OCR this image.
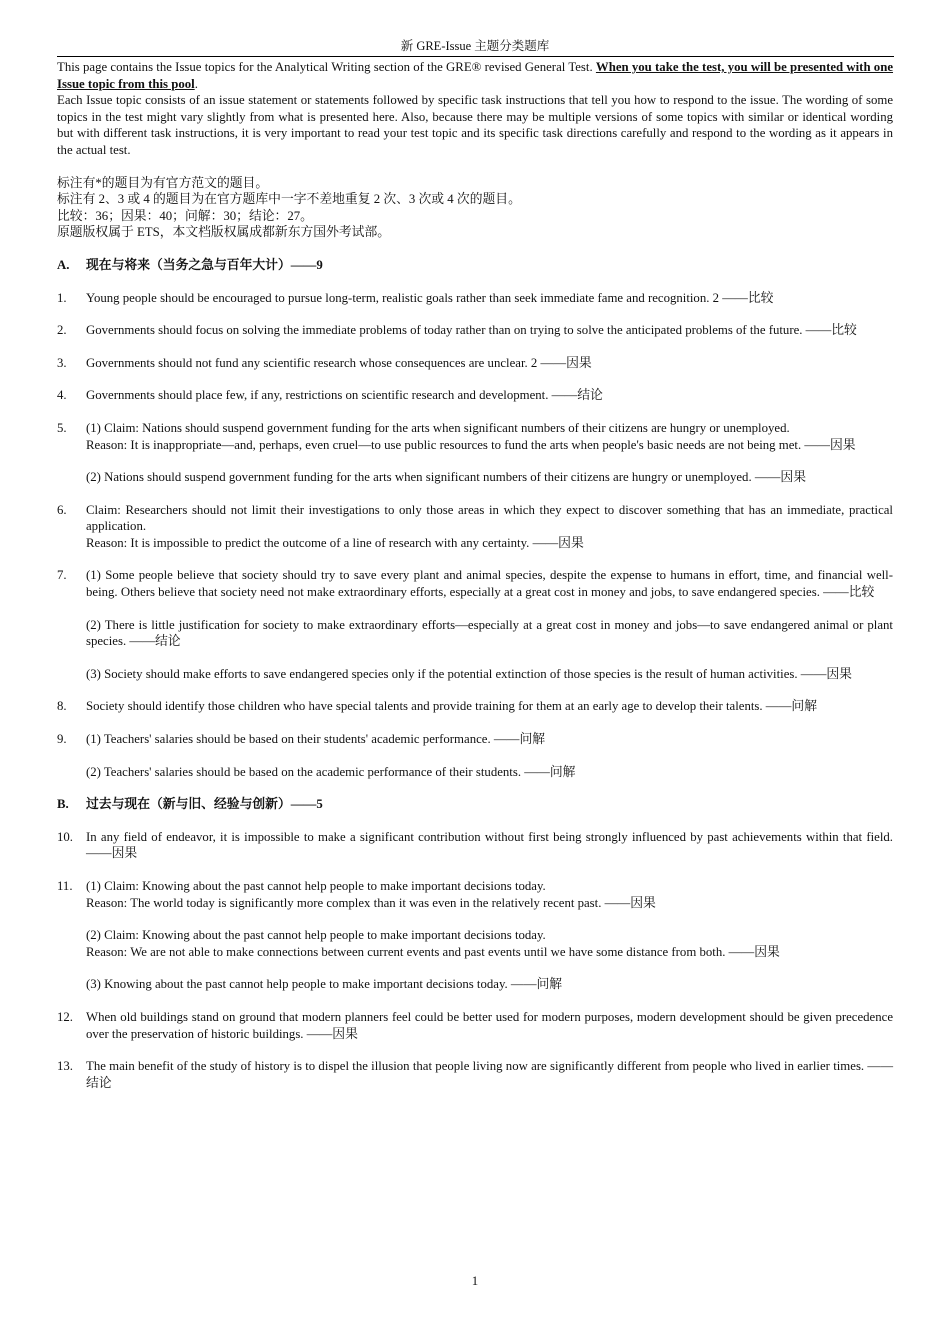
新 GRE-Issue 主题分类题库

This page contains the Issue topics for the Analytical Writing section of the GRE® revised General Test. When you take the test, you will be presented with one Issue topic from this pool.

Each Issue topic consists of an issue statement or statements followed by specific task instructions that tell you how to respond to the issue. The wording of some topics in the test might vary slightly from what is presented here. Also, because there may be multiple versions of some topics with similar or identical wording but with different task instructions, it is very important to read your test topic and its specific task directions carefully and respond to the wording as it appears in the actual test.

标注有*的题目为有官方范文的题目。
标注有 2、3 或 4 的题目为在官方题库中一字不差地重复 2 次、3 次或 4 次的题目。
比较：36；因果：40；问解：30；结论：27。
原题版权属于 ETS，本文档版权属成都新东方国外考试部。
A.	现在与将来（当务之急与百年大计）——9
1.	Young people should be encouraged to pursue long-term, realistic goals rather than seek immediate fame and recognition. 2 ——比较

2.	Governments should focus on solving the immediate problems of today rather than on trying to solve the anticipated problems of the future. ——比较

3.	Governments should not fund any scientific research whose consequences are unclear. 2 ——因果

4.	Governments should place few, if any, restrictions on scientific research and development. ——结论

5.	(1) Claim: Nations should suspend government funding for the arts when significant numbers of their citizens are hungry or unemployed.

Reason: It is inappropriate—and, perhaps, even cruel—to use public resources to fund the arts when people's basic needs are not being met. ——因果

(2) Nations should suspend government funding for the arts when significant numbers of their citizens are hungry or unemployed. ——因果

6.	Claim: Researchers should not limit their investigations to only those areas in which they expect to discover something that has an immediate, practical application.

Reason: It is impossible to predict the outcome of a line of research with any certainty. ——因果

7.	(1) Some people believe that society should try to save every plant and animal species, despite the expense to humans in effort, time, and financial well-being. Others believe that society need not make extraordinary efforts, especially at a great cost in money and jobs, to save endangered species. ——比较

(2) There is little justification for society to make extraordinary efforts—especially at a great cost in money and jobs—to save endangered animal or plant species. ——结论

(3) Society should make efforts to save endangered species only if the potential extinction of those species is the result of human activities. ——因果

8.	Society should identify those children who have special talents and provide training for them at an early age to develop their talents. ——问解

9.	(1) Teachers' salaries should be based on their students' academic performance. ——问解

(2) Teachers' salaries should be based on the academic performance of their students. ——问解

B.	过去与现在（新与旧、经验与创新）——5
10.	In any field of endeavor, it is impossible to make a significant contribution without first being strongly influenced by past achievements within that field. ——因果

11.	(1) Claim: Knowing about the past cannot help people to make important decisions today.

Reason: The world today is significantly more complex than it was even in the relatively recent past. ——因果

(2) Claim: Knowing about the past cannot help people to make important decisions today.

Reason: We are not able to make connections between current events and past events until we have some distance from both. ——因果

(3) Knowing about the past cannot help people to make important decisions today. ——问解

12.	When old buildings stand on ground that modern planners feel could be better used for modern purposes, modern development should be given precedence over the preservation of historic buildings. ——因果

13.	The main benefit of the study of history is to dispel the illusion that people living now are significantly different from people who lived in earlier times. ——结论

1
